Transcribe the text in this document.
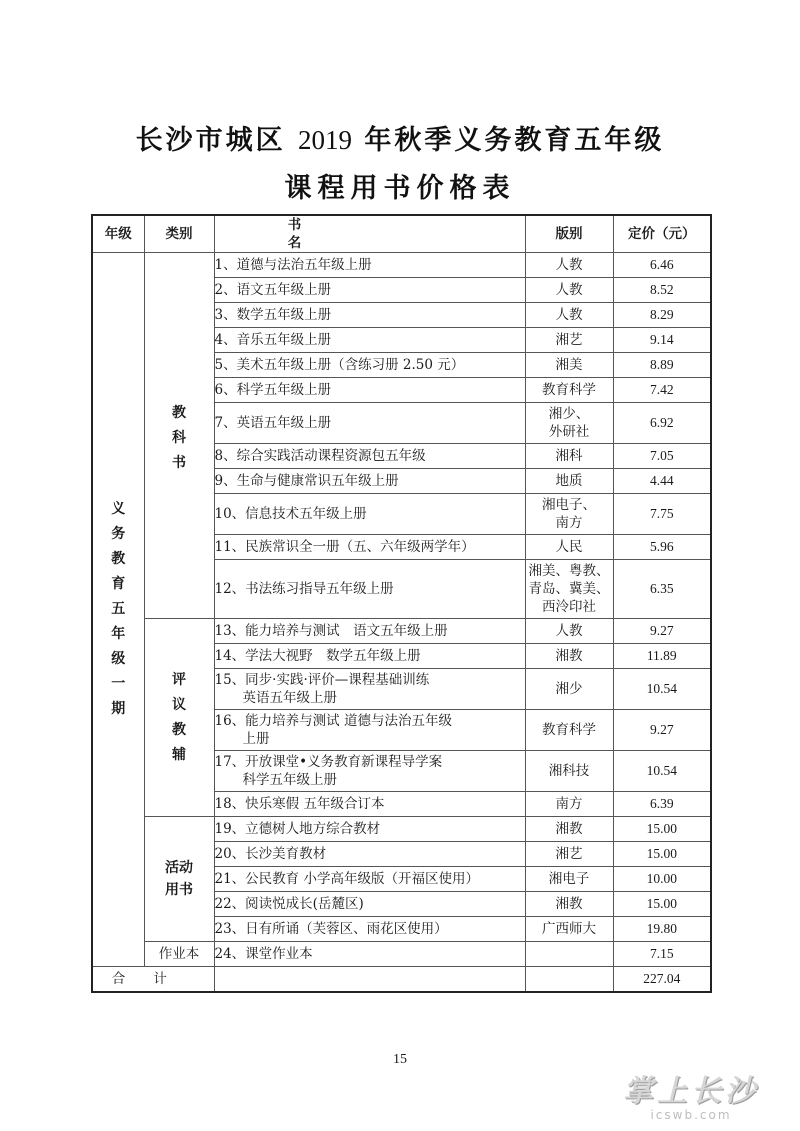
长沙市城区 2019 年秋季义务教育五年级
课程用书价格表
年级	类别	书名	版别	定价（元）
义务教育五年级一期	教科书	1、道德与法治五年级上册	人教	6.46
		2、语文五年级上册	人教	8.52
		3、数学五年级上册	人教	8.29
		4、音乐五年级上册	湘艺	9.14
		5、美术五年级上册（含练习册 2.50 元）	湘美	8.89
		6、科学五年级上册	教育科学	7.42
		7、英语五年级上册	湘少、
外研社	6.92
		8、综合实践活动课程资源包五年级	湘科	7.05
		9、生命与健康常识五年级上册	地质	4.44
		10、信息技术五年级上册	湘电子、
南方	7.75
		11、民族常识全一册（五、六年级两学年）	人民	5.96
		12、书法练习指导五年级上册	湘美、粤教、
青岛、冀美、
西泠印社	6.35
	评议教辅	13、能力培养与测试　语文五年级上册	人教	9.27
		14、学法大视野　数学五年级上册	湘教	11.89

		15、同步·实践·评价—课程基础训练
英语五年级上册	湘少	10.54

		16、能力培养与测试 道德与法治五年级
上册	教育科学	9.27

		17、开放课堂•义务教育新课程导学案
科学五年级上册	湘科技	10.54
		18、快乐寒假 五年级合订本	南方	6.39
	活动用书	19、立德树人地方综合教材	湘教	15.00
		20、长沙美育教材	湘艺	15.00
		21、公民教育 小学高年级版（开福区使用）	湘电子	10.00
		22、阅读悦成长(岳麓区)	湘教	15.00
		23、日有所诵（芙蓉区、雨花区使用）	广西师大	19.80
	作业本	24、课堂作业本		7.15
合计				227.04
15
掌上长沙
icswb.com
